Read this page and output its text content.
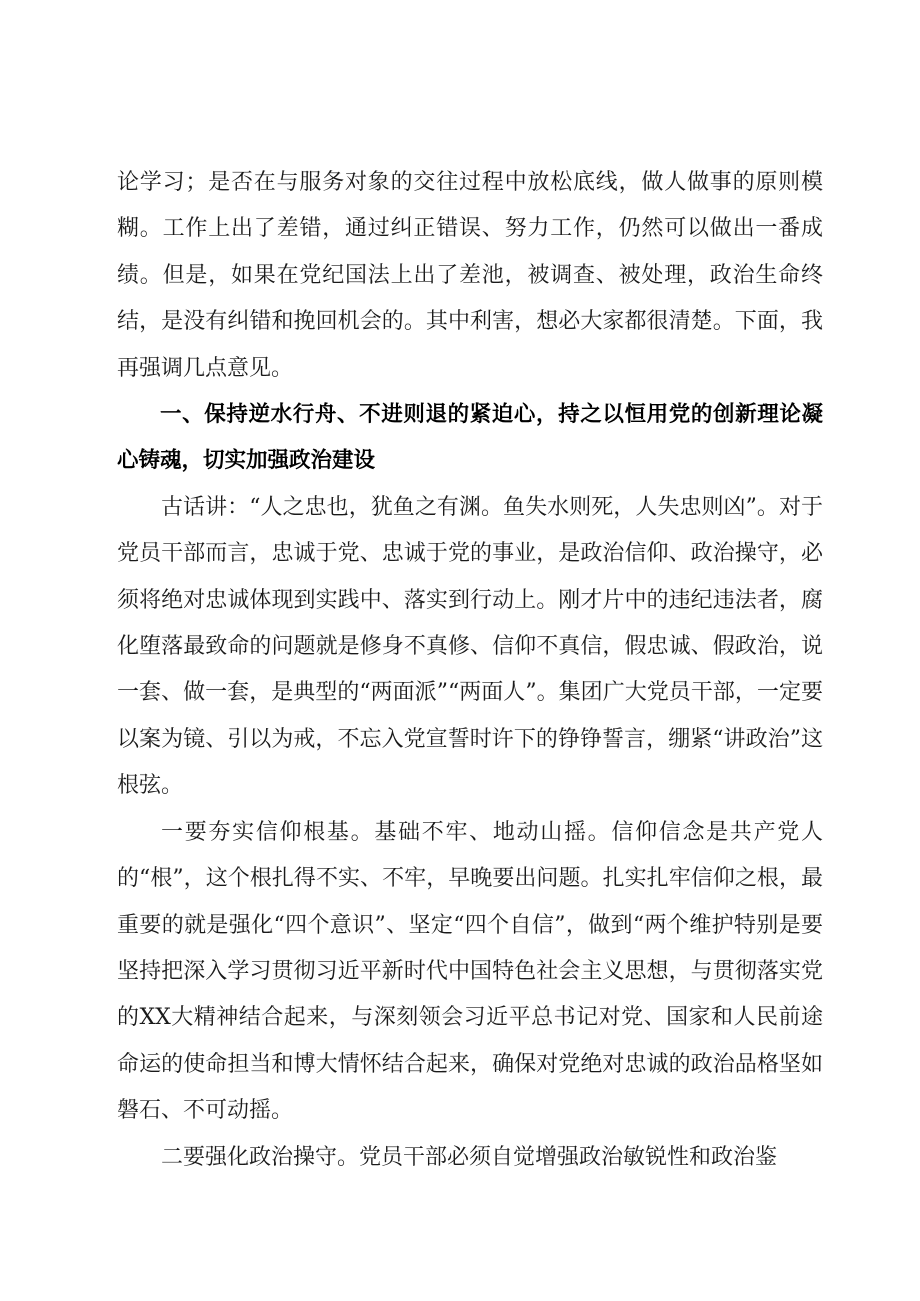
论学习；是否在与服务对象的交往过程中放松底线，做人做事的原则模糊。工作上出了差错，通过纠正错误、努力工作，仍然可以做出一番成绩。但是，如果在党纪国法上出了差池，被调查、被处理，政治生命终结，是没有纠错和挽回机会的。其中利害，想必大家都很清楚。下面，我再强调几点意见。

一、保持逆水行舟、不进则退的紧迫心，持之以恒用党的创新理论凝心铸魂，切实加强政治建设

古话讲：“人之忠也，犹鱼之有渊。鱼失水则死，人失忠则凶”。对于党员干部而言，忠诚于党、忠诚于党的事业，是政治信仰、政治操守，必须将绝对忠诚体现到实践中、落实到行动上。刚才片中的违纪违法者，腐化堕落最致命的问题就是修身不真修、信仰不真信，假忠诚、假政治，说一套、做一套，是典型的“两面派”“两面人”。集团广大党员干部，一定要以案为镜、引以为戒，不忘入党宣誓时许下的铮铮誓言，绷紧“讲政治”这根弦。

一要夯实信仰根基。基础不牢、地动山摇。信仰信念是共产党人的“根”，这个根扎得不实、不牢，早晚要出问题。扎实扎牢信仰之根，最重要的就是强化“四个意识”、坚定“四个自信”，做到“两个维护特别是要坚持把深入学习贯彻习近平新时代中国特色社会主义思想，与贯彻落实党的XX大精神结合起来，与深刻领会习近平总书记对党、国家和人民前途命运的使命担当和博大情怀结合起来，确保对党绝对忠诚的政治品格坚如磐石、不可动摇。

二要强化政治操守。党员干部必须自觉增强政治敏锐性和政治鉴
